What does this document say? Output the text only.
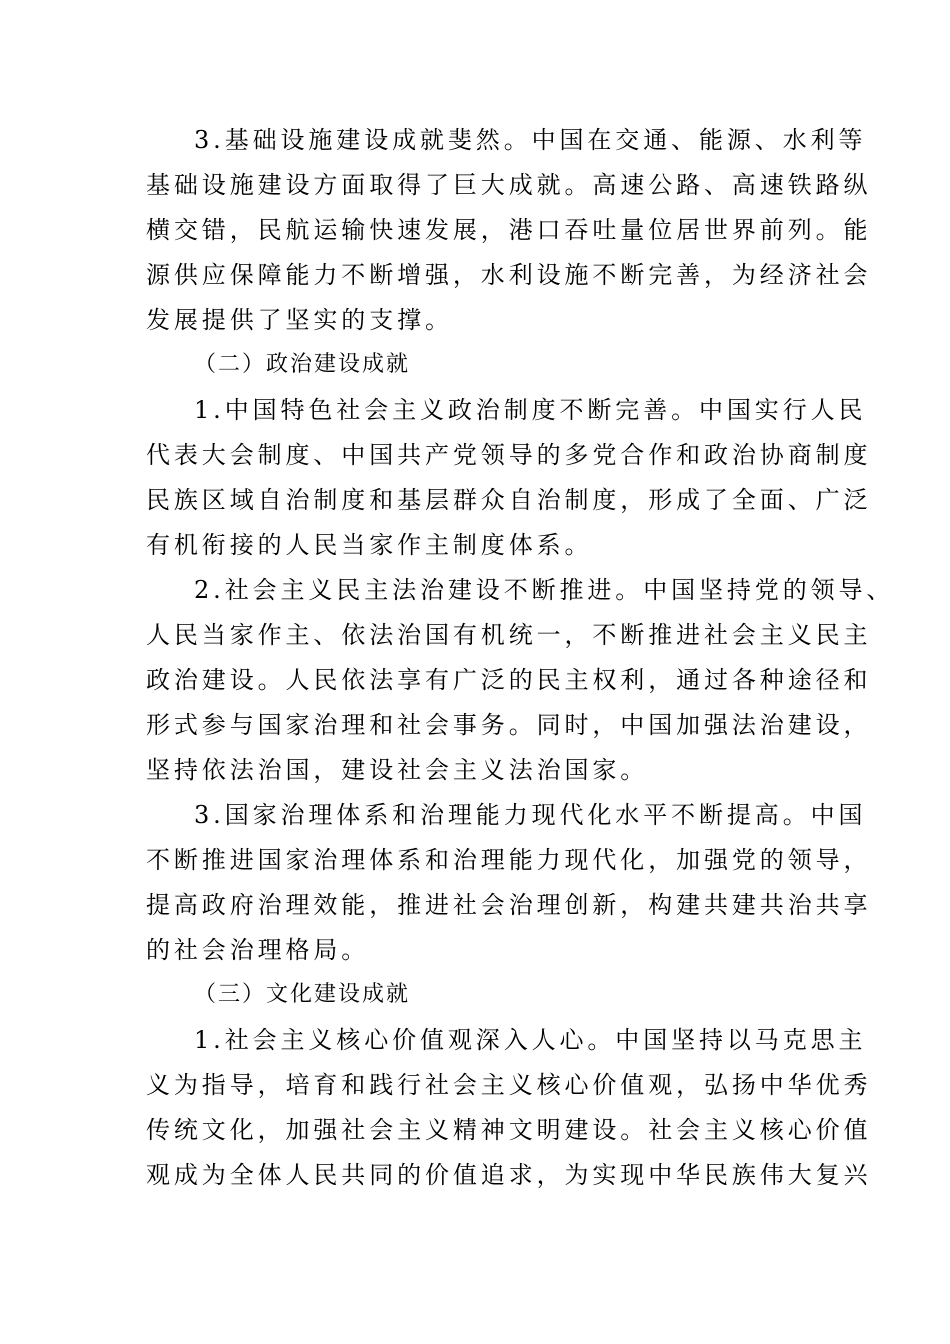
3.基础设施建设成就斐然。中国在交通、能源、水利等
基础设施建设方面取得了巨大成就。高速公路、高速铁路纵
横交错，民航运输快速发展，港口吞吐量位居世界前列。能
源供应保障能力不断增强，水利设施不断完善，为经济社会
发展提供了坚实的支撑。
（二）政治建设成就
1.中国特色社会主义政治制度不断完善。中国实行人民
代表大会制度、中国共产党领导的多党合作和政治协商制度
民族区域自治制度和基层群众自治制度，形成了全面、广泛
有机衔接的人民当家作主制度体系。
2.社会主义民主法治建设不断推进。中国坚持党的领导、
人民当家作主、依法治国有机统一，不断推进社会主义民主
政治建设。人民依法享有广泛的民主权利，通过各种途径和
形式参与国家治理和社会事务。同时，中国加强法治建设，
坚持依法治国，建设社会主义法治国家。
3.国家治理体系和治理能力现代化水平不断提高。中国
不断推进国家治理体系和治理能力现代化，加强党的领导，
提高政府治理效能，推进社会治理创新，构建共建共治共享
的社会治理格局。
（三）文化建设成就
1.社会主义核心价值观深入人心。中国坚持以马克思主
义为指导，培育和践行社会主义核心价值观，弘扬中华优秀
传统文化，加强社会主义精神文明建设。社会主义核心价值
观成为全体人民共同的价值追求，为实现中华民族伟大复兴
